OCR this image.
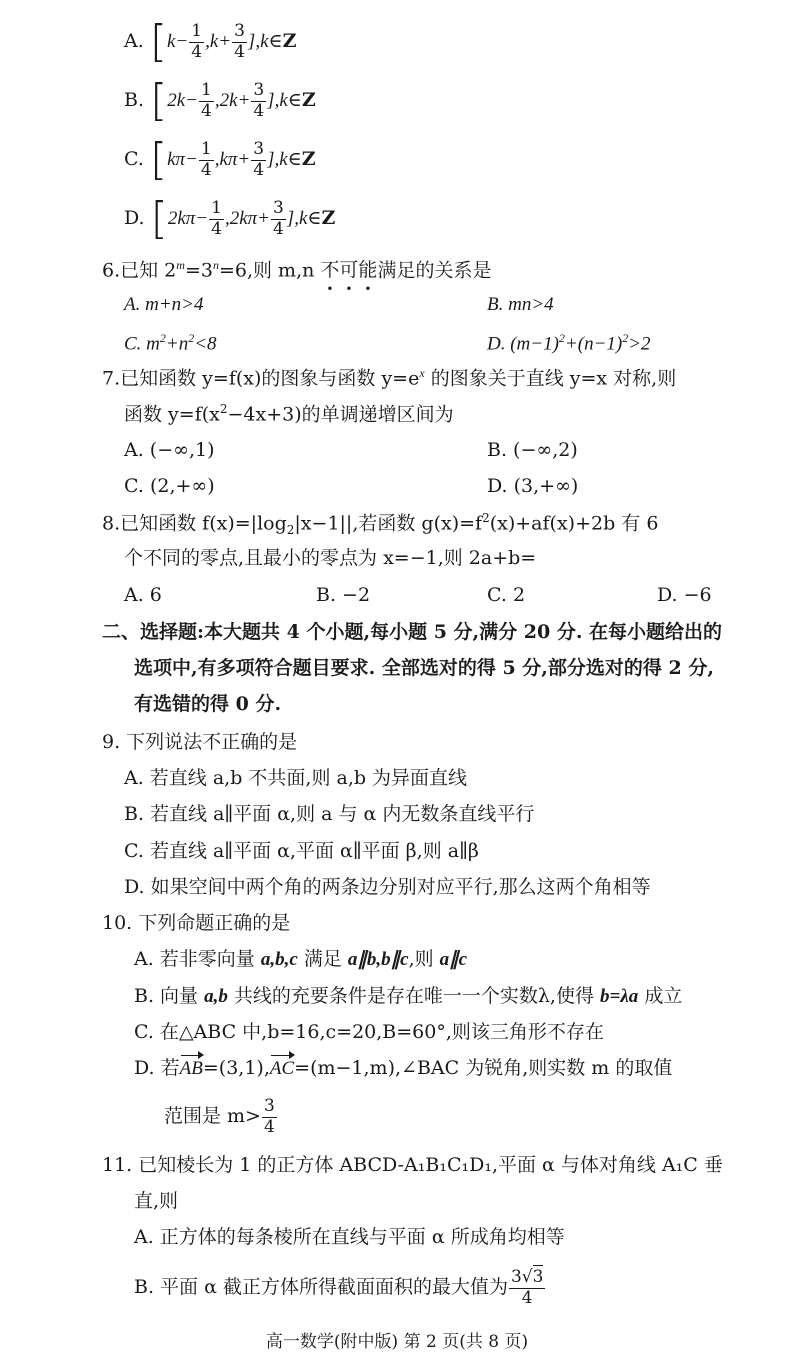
A. [$k- \frac{1}{4} ,k+ \frac{3}{4}$ ],k∈Z
B. [$2k- \frac{1}{4} ,2k+ \frac{3}{4}$ ],k∈Z
C. [$k\pi- \frac{1}{4} ,k\pi+ \frac{3}{4}$ ],k∈Z
D. [$2k\pi- \frac{1}{4} ,2k\pi+ \frac{3}{4}$ ],k∈Z
6.已知 $2^m=3^n=6$,则 m,n 不可能满足的关系是
A. m+n>4	B. mn>4
C. $m^2+n^2<8$	D. $(m-1)^2+(n-1)^2>2$
7.已知函数 y=f(x)的图象与函数 $y=e^x$ 的图象关于直线 y=x 对称,则
函数 $y=f(x^2-4x+3)$的单调递增区间为
A. (−∞,1)	B. (−∞,2)
C. (2,+∞)	D. (3,+∞)
8.已知函数 $f(x)=|\log_2|x-1||$,若函数 $g(x)=f^2(x)+af(x)+2b$ 有 6
个不同的零点,且最小的零点为 x=−1,则 2a+b=
A. 6	B. −2	C. 2	D. −6
二、选择题:本大题共 4 个小题,每小题 5 分,满分 20 分. 在每小题给出的
选项中,有多项符合题目要求. 全部选对的得 5 分,部分选对的得 2 分,
有选错的得 0 分.
9. 下列说法不正确的是
A. 若直线 a,b 不共面,则 a,b 为异面直线
B. 若直线 a∥平面 α,则 a 与 α 内无数条直线平行
C. 若直线 a∥平面 α,平面 α∥平面 β,则 a∥β
D. 如果空间中两个角的两条边分别对应平行,那么这两个角相等
10. 下列命题正确的是
A. 若非零向量 a,b,c 满足 a∥b,b∥c,则 a∥c
B. 向量 a,b 共线的充要条件是存在唯一一个实数λ,使得 b=λa 成立
C. 在△ABC 中,b=16,c=20,B=60°,则该三角形不存在
D. 若AB=(3,1),AC=(m−1,m),∠BAC 为锐角,则实数 m 的取值
范围是 $m> \frac{3}{4}$
11. 已知棱长为 1 的正方体 ABCD-A₁B₁C₁D₁,平面 α 与体对角线 A₁C 垂
直,则
A. 正方体的每条棱所在直线与平面 α 所成角均相等
B. 平面 α 截正方体所得截面面积的最大值为 $\frac{3√3}{4}$
高一数学(附中版) 第 2 页(共 8 页)
